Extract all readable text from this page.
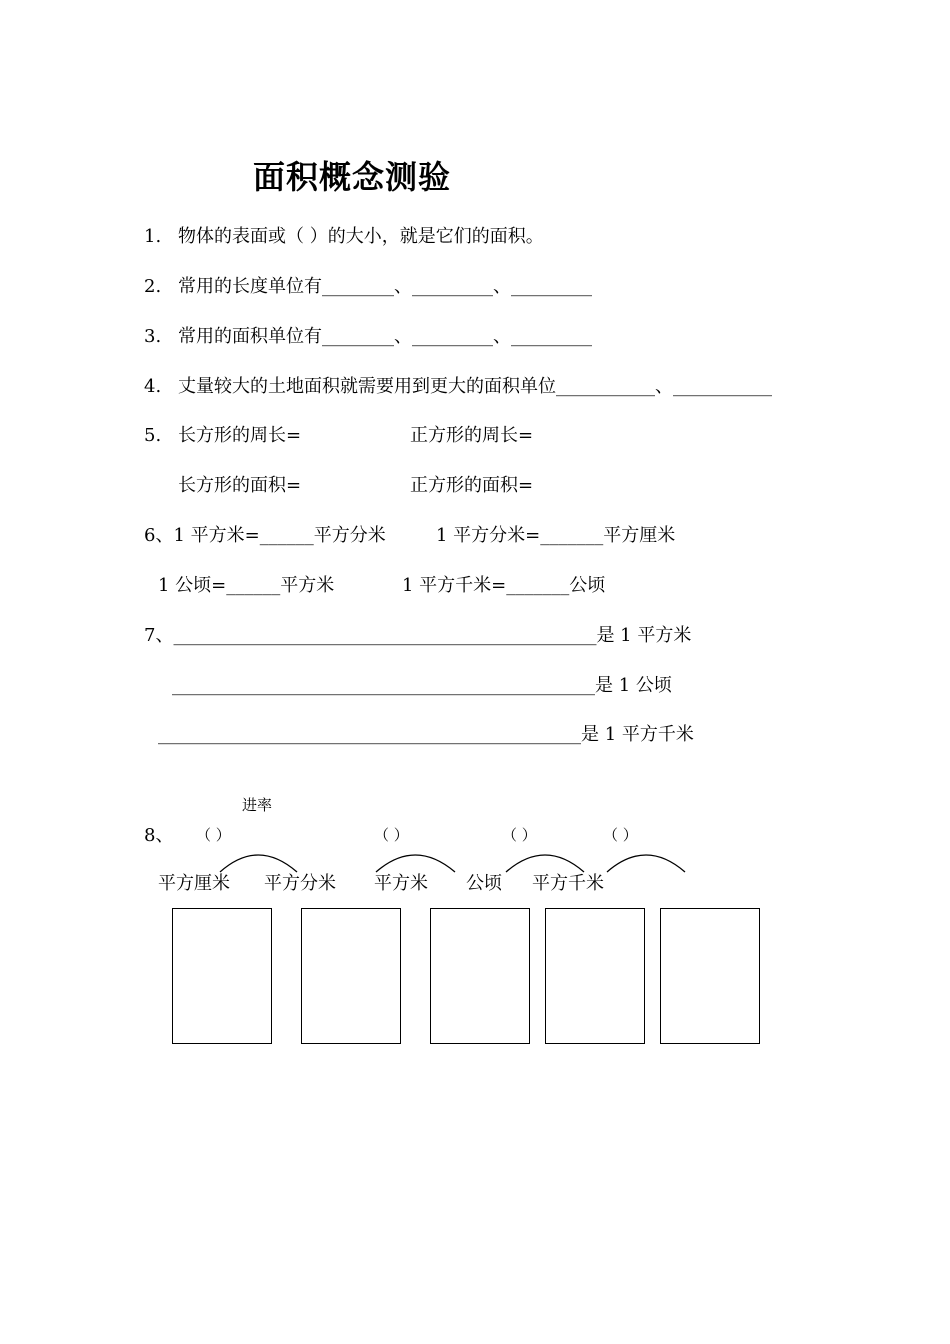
面积概念测验
1. 物体的表面或（ ）的大小，就是它们的面积。
2. 常用的长度单位有________、_________、_________
3. 常用的面积单位有________、_________、_________
4. 丈量较大的土地面积就需要用到更大的面积单位___________、___________
5. 长方形的周长=	正方形的周长=
长方形的面积=	正方形的面积=
6、1 平方米=______平方分米	1 平方分米=_______平方厘米
1 公顷=______平方米	1 平方千米=_______公顷
7、_______________________________________________是 1 平方米
_______________________________________________是 1 公顷
_______________________________________________是 1 平方千米
进率
8、 （ ）	（ ）	（ ）	（ ）
平方厘米 平方分米 平方米 公顷 平方千米
